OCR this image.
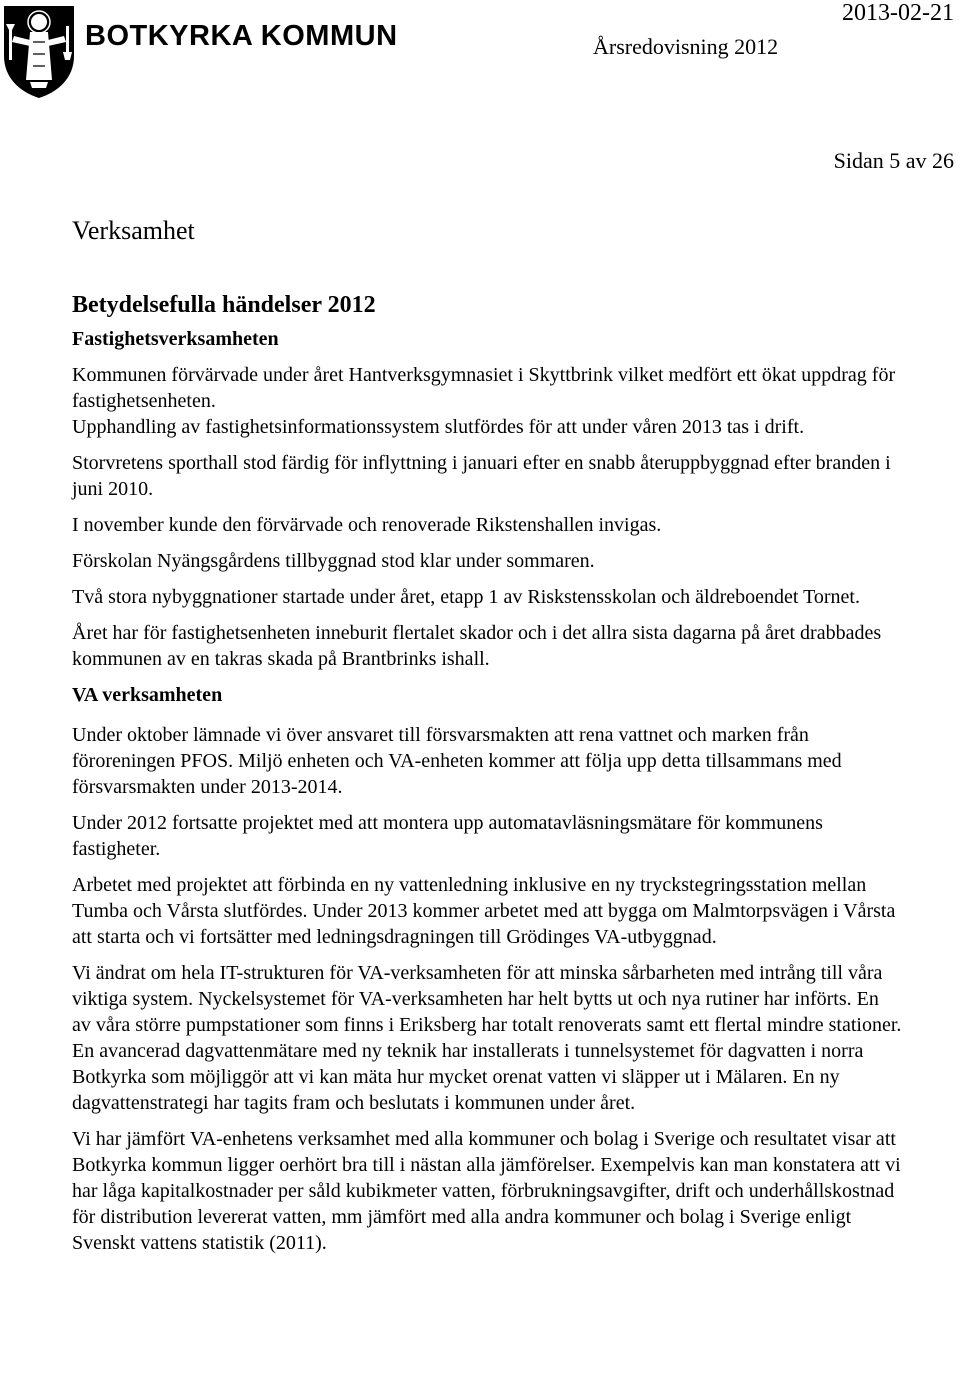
BOTKYRKA KOMMUN
2013-02-21
Årsredovisning 2012
Sidan 5 av 26
Verksamhet
Betydelsefulla händelser 2012
Fastighetsverksamheten

Kommunen förvärvade under året Hantverksgymnasiet i Skyttbrink vilket medfört ett ökat uppdrag för fastighetsenheten.

Upphandling av fastighetsinformationssystem slutfördes för att under våren 2013 tas i drift.

Storvretens sporthall stod färdig för inflyttning i januari efter en snabb återuppbyggnad efter branden i juni 2010.

I november kunde den förvärvade och renoverade Rikstenshallen invigas.

Förskolan Nyängsgårdens tillbyggnad stod klar under sommaren.

Två stora nybyggnationer startade under året, etapp 1 av Riskstensskolan och äldreboendet Tornet.

Året har för fastighetsenheten inneburit flertalet skador och i det allra sista dagarna på året drabbades kommunen av en takras skada på Brantbrinks ishall.

VA verksamheten

Under oktober lämnade vi över ansvaret till försvarsmakten att rena vattnet och marken från föroreningen PFOS. Miljö enheten och VA-enheten kommer att följa upp detta tillsammans med försvarsmakten under 2013-2014.

Under 2012 fortsatte projektet med att montera upp automatavläsningsmätare för kommunens fastigheter.

Arbetet med projektet att förbinda en ny vattenledning inklusive en ny tryckstegringsstation mellan Tumba och Vårsta slutfördes. Under 2013 kommer arbetet med att bygga om Malmtorpsvägen i Vårsta att starta och vi fortsätter med ledningsdragningen till Grödinges VA-utbyggnad.

Vi ändrat om hela IT-strukturen för VA-verksamheten för att minska sårbarheten med intrång till våra viktiga system. Nyckelsystemet för VA-verksamheten har helt bytts ut och nya rutiner har införts. En av våra större pumpstationer som finns i Eriksberg har totalt renoverats samt ett flertal mindre stationer. En avancerad dagvattenmätare med ny teknik har installerats i tunnelsystemet för dagvatten i norra Botkyrka som möjliggör att vi kan mäta hur mycket orenat vatten vi släpper ut i Mälaren. En ny dagvattenstrategi har tagits fram och beslutats i kommunen under året.

Vi har jämfört VA-enhetens verksamhet med alla kommuner och bolag i Sverige och resultatet visar att Botkyrka kommun ligger oerhört bra till i nästan alla jämförelser. Exempelvis kan man konstatera att vi har låga kapitalkostnader per såld kubikmeter vatten, förbrukningsavgifter, drift och underhållskostnad för distribution levererat vatten, mm jämfört med alla andra kommuner och bolag i Sverige enligt Svenskt vattens statistik (2011).
